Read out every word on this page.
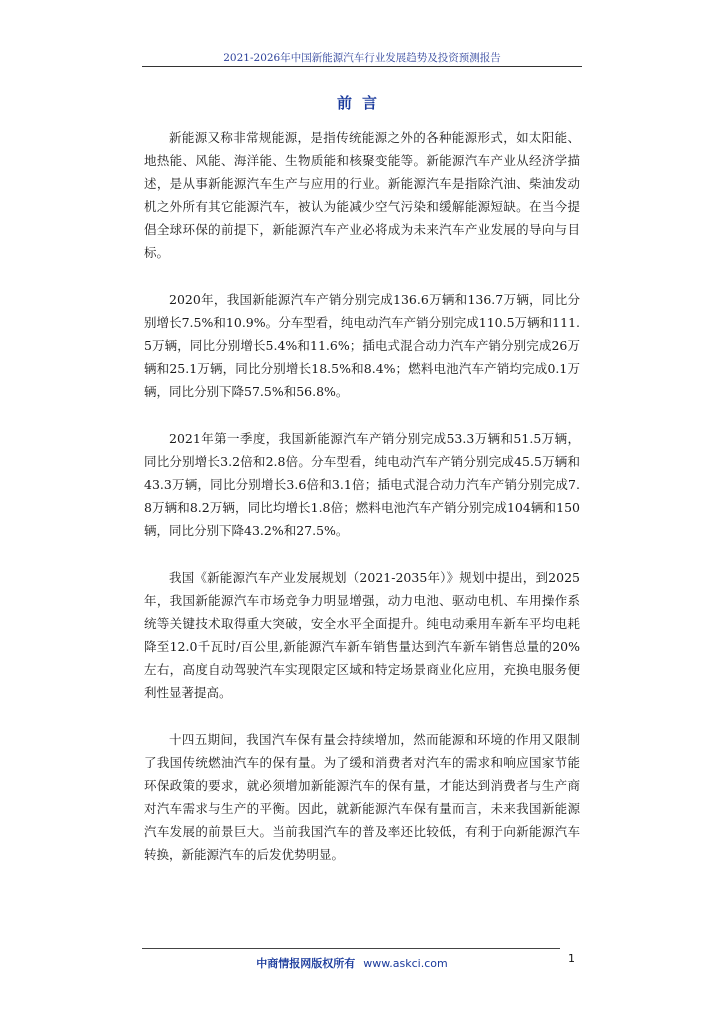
2021-2026年中国新能源汽车行业发展趋势及投资预测报告
前言

新能源又称非常规能源，是指传统能源之外的各种能源形式，如太阳能、地热能、风能、海洋能、生物质能和核聚变能等。新能源汽车产业从经济学描述，是从事新能源汽车生产与应用的行业。新能源汽车是指除汽油、柴油发动机之外所有其它能源汽车，被认为能减少空气污染和缓解能源短缺。在当今提倡全球环保的前提下，新能源汽车产业必将成为未来汽车产业发展的导向与目标。

2020年，我国新能源汽车产销分别完成136.6万辆和136.7万辆，同比分别增长7.5%和10.9%。分车型看，纯电动汽车产销分别完成110.5万辆和111.5万辆，同比分别增长5.4%和11.6%；插电式混合动力汽车产销分别完成26万辆和25.1万辆，同比分别增长18.5%和8.4%；燃料电池汽车产销均完成0.1万辆，同比分别下降57.5%和56.8%。

2021年第一季度，我国新能源汽车产销分别完成53.3万辆和51.5万辆，同比分别增长3.2倍和2.8倍。分车型看，纯电动汽车产销分别完成45.5万辆和43.3万辆，同比分别增长3.6倍和3.1倍；插电式混合动力汽车产销分别完成7.8万辆和8.2万辆，同比均增长1.8倍；燃料电池汽车产销分别完成104辆和150辆，同比分别下降43.2%和27.5%。

我国《新能源汽车产业发展规划（2021-2035年）》规划中提出，到2025年，我国新能源汽车市场竞争力明显增强，动力电池、驱动电机、车用操作系统等关键技术取得重大突破，安全水平全面提升。纯电动乘用车新车平均电耗降至12.0千瓦时/百公里,新能源汽车新车销售量达到汽车新车销售总量的20%左右，高度自动驾驶汽车实现限定区域和特定场景商业化应用，充换电服务便利性显著提高。

十四五期间，我国汽车保有量会持续增加，然而能源和环境的作用又限制了我国传统燃油汽车的保有量。为了缓和消费者对汽车的需求和响应国家节能环保政策的要求，就必须增加新能源汽车的保有量，才能达到消费者与生产商对汽车需求与生产的平衡。因此，就新能源汽车保有量而言，未来我国新能源汽车发展的前景巨大。当前我国汽车的普及率还比较低，有利于向新能源汽车转换，新能源汽车的后发优势明显。

中商情报网版权所有 www.askci.com	1
